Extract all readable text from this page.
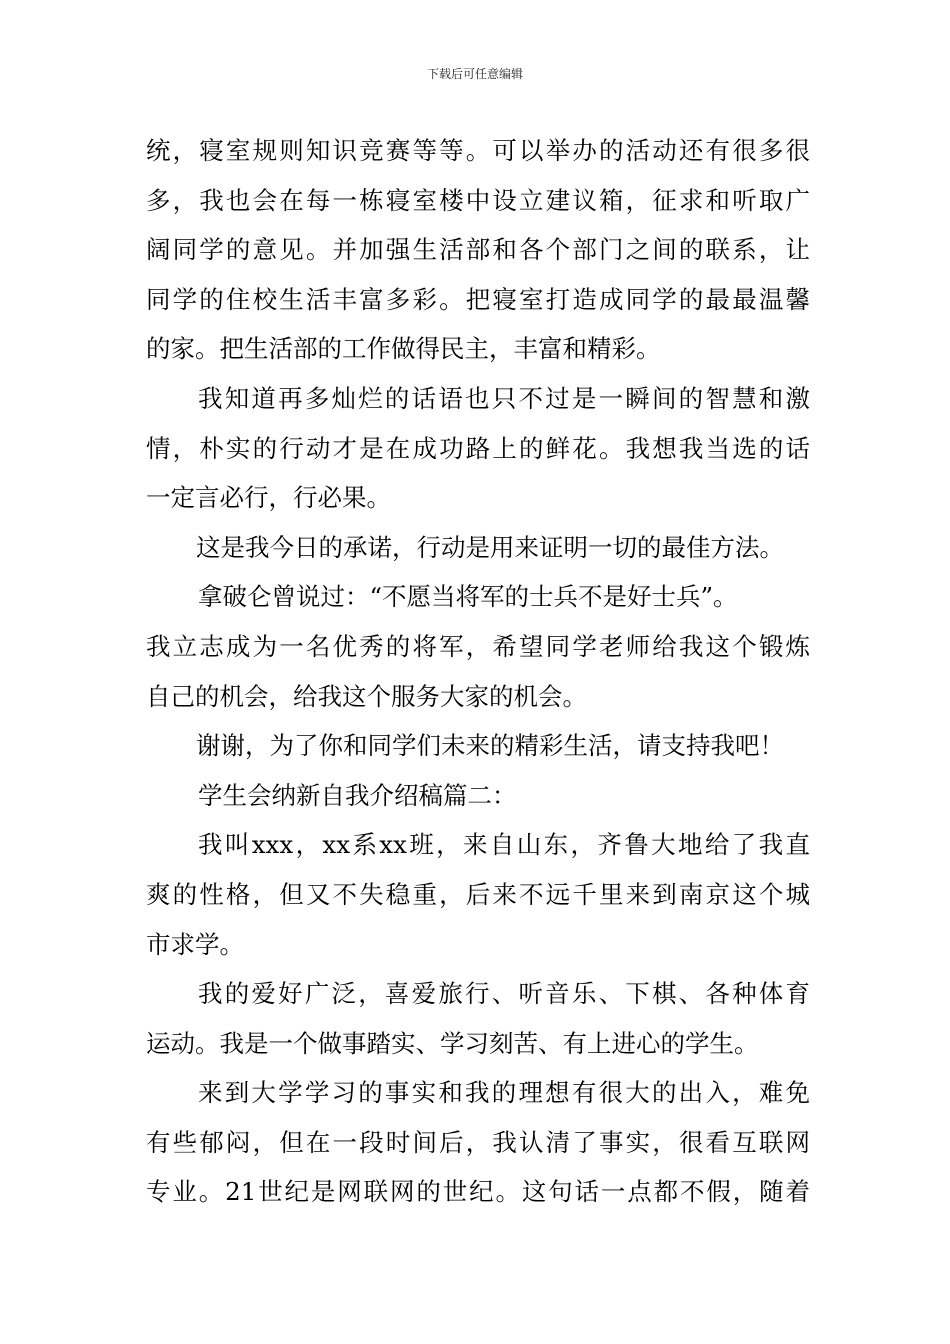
下载后可任意编辑
统，寝室规则知识竞赛等等。可以举办的活动还有很多很
多，我也会在每一栋寝室楼中设立建议箱，征求和听取广
阔同学的意见。并加强生活部和各个部门之间的联系，让
同学的住校生活丰富多彩。把寝室打造成同学的最最温馨
的家。把生活部的工作做得民主，丰富和精彩。
我知道再多灿烂的话语也只不过是一瞬间的智慧和激
情，朴实的行动才是在成功路上的鲜花。我想我当选的话
一定言必行，行必果。
这是我今日的承诺，行动是用来证明一切的最佳方法。
拿破仑曾说过：“不愿当将军的士兵不是好士兵”。
我立志成为一名优秀的将军，希望同学老师给我这个锻炼
自己的机会，给我这个服务大家的机会。
谢谢，为了你和同学们未来的精彩生活，请支持我吧！
学生会纳新自我介绍稿篇二：
我叫xxx，xx系xx班，来自山东，齐鲁大地给了我直
爽的性格，但又不失稳重，后来不远千里来到南京这个城
市求学。
我的爱好广泛，喜爱旅行、听音乐、下棋、各种体育
运动。我是一个做事踏实、学习刻苦、有上进心的学生。
来到大学学习的事实和我的理想有很大的出入，难免
有些郁闷，但在一段时间后，我认清了事实，很看互联网
专业。21世纪是网联网的世纪。这句话一点都不假，随着
